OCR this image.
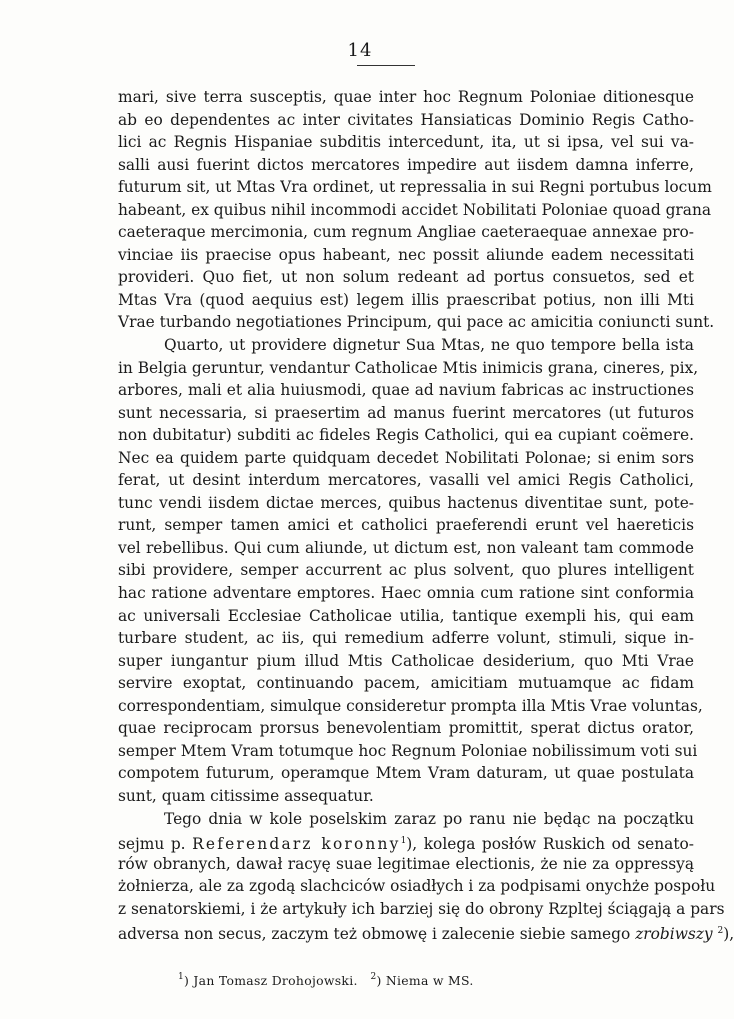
14
mari, sive terra susceptis, quae inter hoc Regnum Poloniae ditionesque
ab eo dependentes ac inter civitates Hansiaticas Dominio Regis Catho-
lici ac Regnis Hispaniae subditis intercedunt, ita, ut si ipsa, vel sui va-
salli ausi fuerint dictos mercatores impedire aut iisdem damna inferre,
futurum sit, ut Mtas Vra ordinet, ut repressalia in sui Regni portubus locum
habeant, ex quibus nihil incommodi accidet Nobilitati Poloniae quoad grana
caeteraque mercimonia, cum regnum Angliae caeteraequae annexae pro-
vinciae iis praecise opus habeant, nec possit aliunde eadem necessitati
provideri. Quo fiet, ut non solum redeant ad portus consuetos, sed et
Mtas Vra (quod aequius est) legem illis praescribat potius, non illi Mti
Vrae turbando negotiationes Principum, qui pace ac amicitia coniuncti sunt.
Quarto, ut providere dignetur Sua Mtas, ne quo tempore bella ista
in Belgia geruntur, vendantur Catholicae Mtis inimicis grana, cineres, pix,
arbores, mali et alia huiusmodi, quae ad navium fabricas ac instructiones
sunt necessaria, si praesertim ad manus fuerint mercatores (ut futuros
non dubitatur) subditi ac fideles Regis Catholici, qui ea cupiant coëmere.
Nec ea quidem parte quidquam decedet Nobilitati Polonae; si enim sors
ferat, ut desint interdum mercatores, vasalli vel amici Regis Catholici,
tunc vendi iisdem dictae merces, quibus hactenus diventitae sunt, pote-
runt, semper tamen amici et catholici praeferendi erunt vel haereticis
vel rebellibus. Qui cum aliunde, ut dictum est, non valeant tam commode
sibi providere, semper accurrent ac plus solvent, quo plures intelligent
hac ratione adventare emptores. Haec omnia cum ratione sint conformia
ac universali Ecclesiae Catholicae utilia, tantique exempli his, qui eam
turbare student, ac iis, qui remedium adferre volunt, stimuli, sique in-
super iungantur pium illud Mtis Catholicae desiderium, quo Mti Vrae
servire exoptat, continuando pacem, amicitiam mutuamque ac fidam
correspondentiam, simulque consideretur prompta illa Mtis Vrae voluntas,
quae reciprocam prorsus benevolentiam promittit, sperat dictus orator,
semper Mtem Vram totumque hoc Regnum Poloniae nobilissimum voti sui
compotem futurum, operamque Mtem Vram daturam, ut quae postulata
sunt, quam citissime assequatur.
Tego dnia w kole poselskim zaraz po ranu nie będąc na początku
sejmu p. Referendarz koronny$^1$), kolega posłów Ruskich od senato-
rów obranych, dawał racyę suae legitimae electionis, że nie za oppressyą
żołnierza, ale za zgodą slachciców osiadłych i za podpisami onychże pospołu
z senatorskiemi, i że artykuły ich barziej się do obrony Rzpltej ściągają a pars
adversa non secus, zaczym też obmowę i zalecenie siebie samego zrobiwszy $^2$),
$^1$) Jan Tomasz Drohojowski. $^2$) Niema w MS.
